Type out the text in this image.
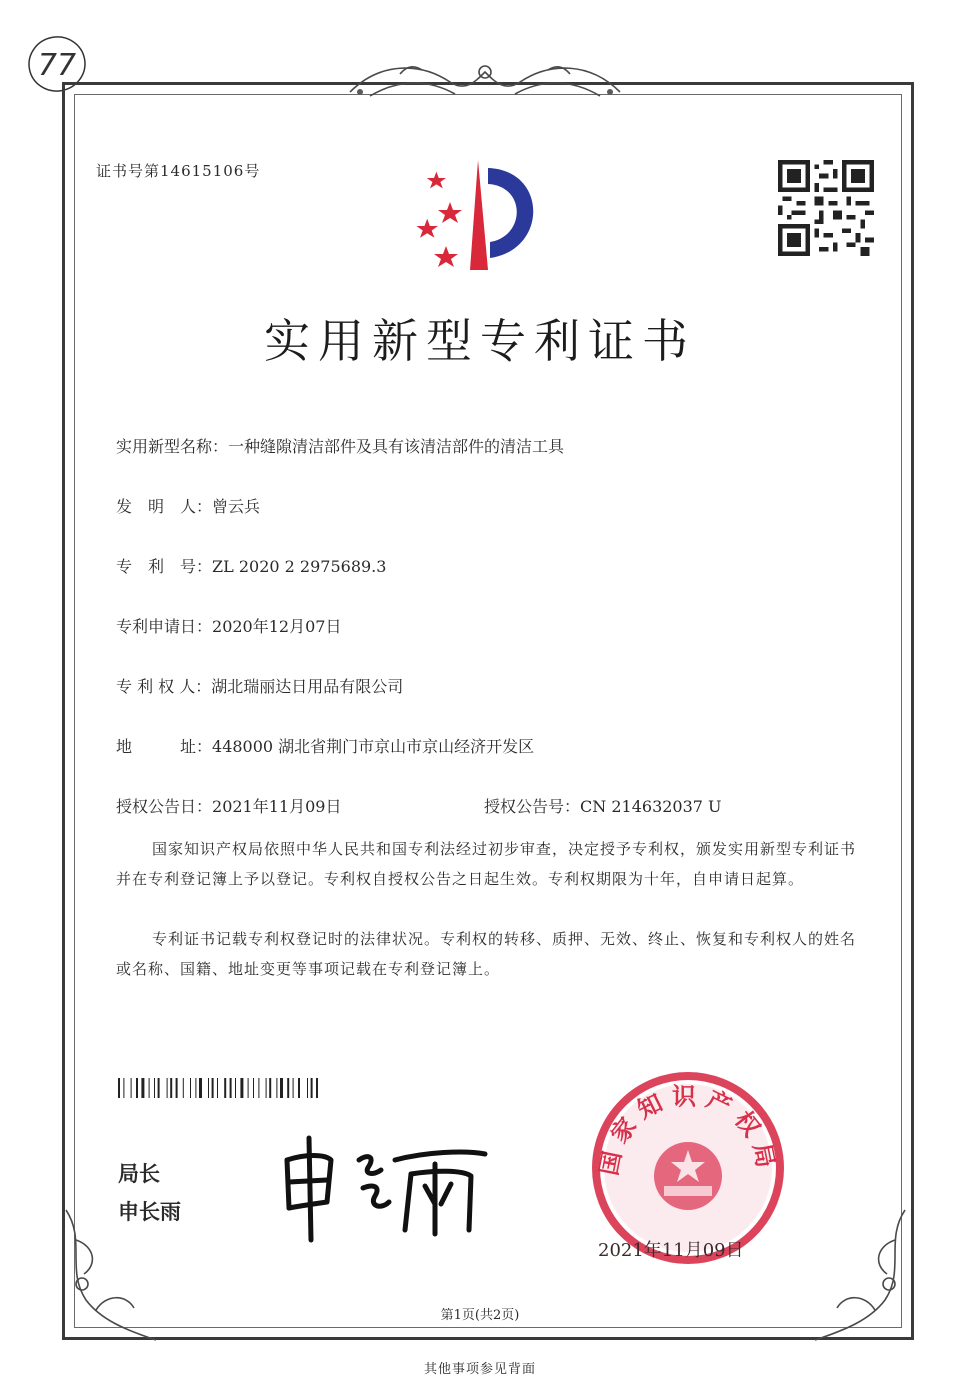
77
证书号第14615106号
实用新型专利证书
实用新型名称：一种缝隙清洁部件及具有该清洁部件的清洁工具
发　明　人：曾云兵
专　利　号：ZL 2020 2 2975689.3
专利申请日：2020年12月07日
专 利 权 人：湖北瑞丽达日用品有限公司
地　　　址：448000 湖北省荆门市京山市京山经济开发区
授权公告日：2021年11月09日	授权公告号：CN 214632037 U
国家知识产权局依照中华人民共和国专利法经过初步审查，决定授予专利权，颁发实用新型专利证书并在专利登记簿上予以登记。专利权自授权公告之日起生效。专利权期限为十年，自申请日起算。
专利证书记载专利权登记时的法律状况。专利权的转移、质押、无效、终止、恢复和专利权人的姓名或名称、国籍、地址变更等事项记载在专利登记簿上。
局长
申长雨
国家知识产权局
2021年11月09日
第1页(共2页)
其他事项参见背面
